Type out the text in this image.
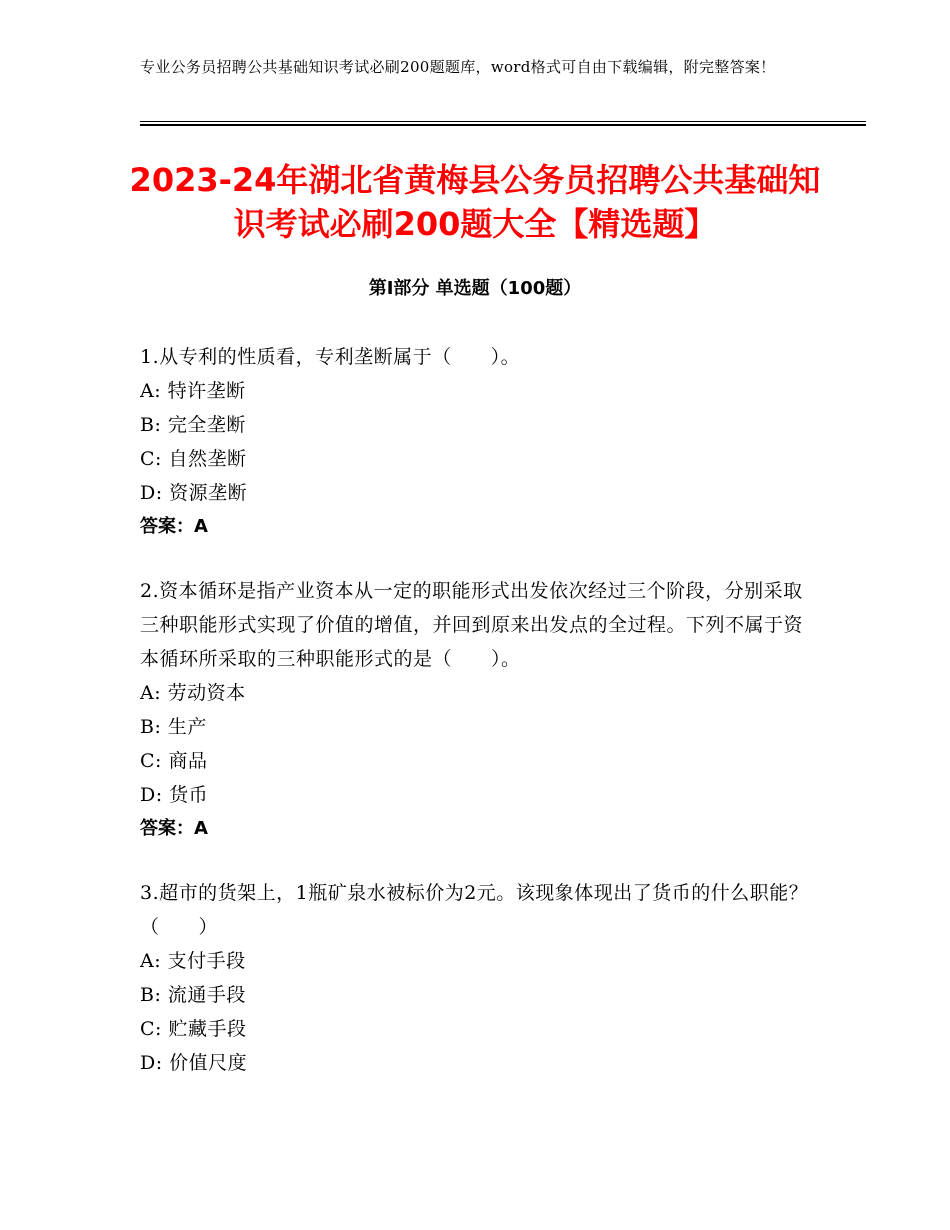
专业公务员招聘公共基础知识考试必刷200题题库，word格式可自由下载编辑，附完整答案！
2023-24年湖北省黄梅县公务员招聘公共基础知识考试必刷200题大全【精选题】
第Ⅰ部分 单选题（100题）
1.从专利的性质看，专利垄断属于（　　）。
A: 特许垄断
B: 完全垄断
C: 自然垄断
D: 资源垄断
答案：A
2.资本循环是指产业资本从一定的职能形式出发依次经过三个阶段，分别采取三种职能形式实现了价值的增值，并回到原来出发点的全过程。下列不属于资本循环所采取的三种职能形式的是（　　）。
A: 劳动资本
B: 生产
C: 商品
D: 货币
答案：A
3.超市的货架上，1瓶矿泉水被标价为2元。该现象体现出了货币的什么职能？（　　）
A: 支付手段
B: 流通手段
C: 贮藏手段
D: 价值尺度
